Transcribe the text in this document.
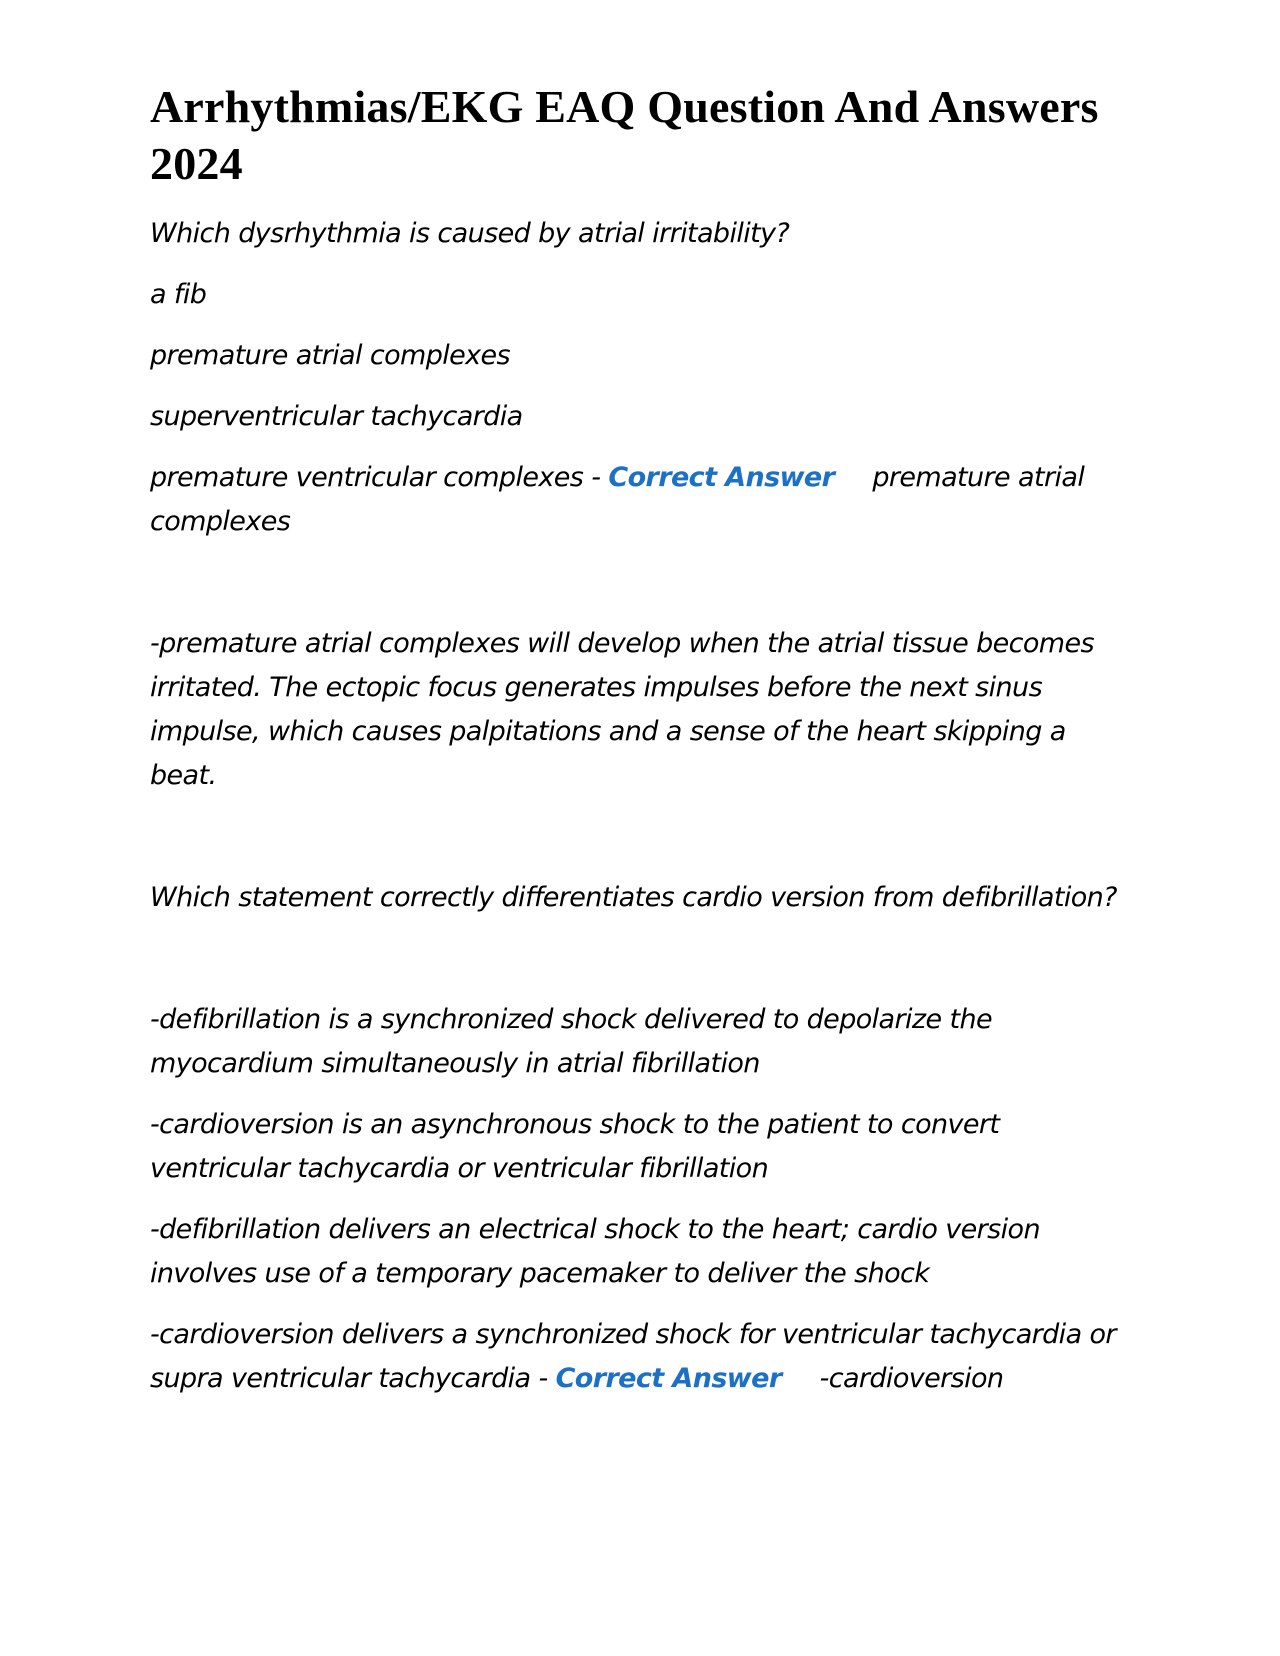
Arrhythmias/EKG EAQ Question And Answers 2024

Which dysrhythmia is caused by atrial irritability?

a fib

premature atrial complexes

superventricular tachycardia

premature ventricular complexes - Correct Answer premature atrial complexes

-premature atrial complexes will develop when the atrial tissue becomes irritated. The ectopic focus generates impulses before the next sinus impulse, which causes palpitations and a sense of the heart skipping a beat.

Which statement correctly differentiates cardio version from defibrillation?

-defibrillation is a synchronized shock delivered to depolarize the myocardium simultaneously in atrial fibrillation

-cardioversion is an asynchronous shock to the patient to convert ventricular tachycardia or ventricular fibrillation

-defibrillation delivers an electrical shock to the heart; cardio version involves use of a temporary pacemaker to deliver the shock

-cardioversion delivers a synchronized shock for ventricular tachycardia or supra ventricular tachycardia - Correct Answer -cardioversion
